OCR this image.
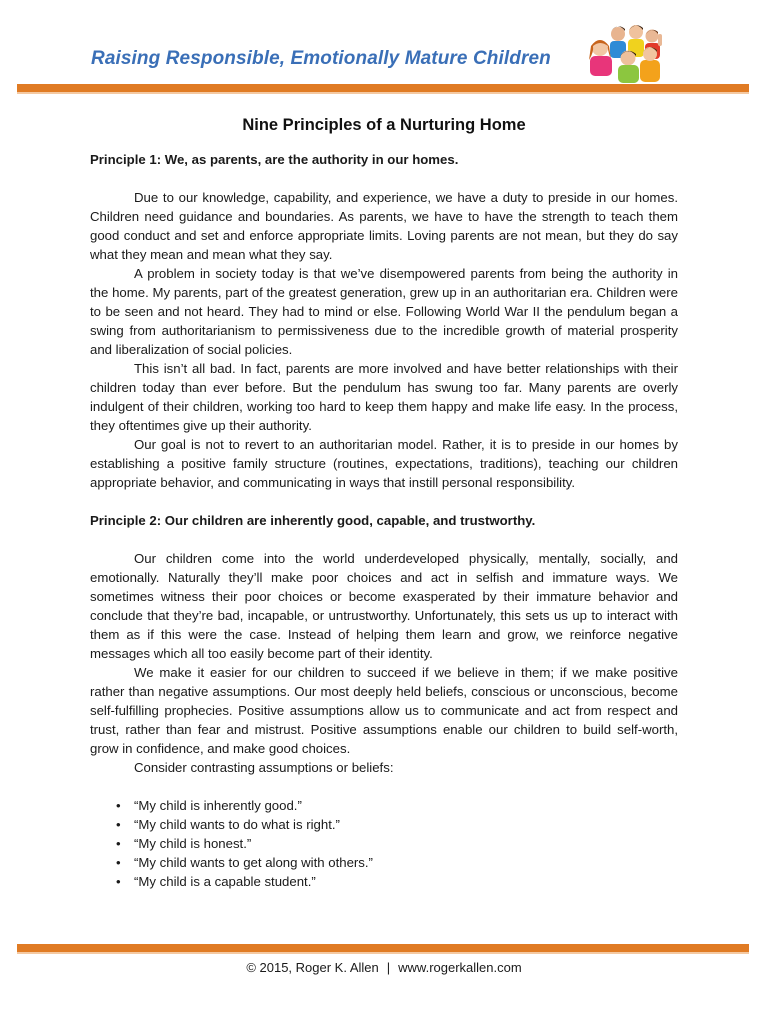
Raising Responsible, Emotionally Mature Children
Nine Principles of a Nurturing Home

Principle 1: We, as parents, are the authority in our homes.

Due to our knowledge, capability, and experience, we have a duty to preside in our homes. Children need guidance and boundaries. As parents, we have to have the strength to teach them good conduct and set and enforce appropriate limits. Loving parents are not mean, but they do say what they mean and mean what they say.

A problem in society today is that we’ve disempowered parents from being the authority in the home. My parents, part of the greatest generation, grew up in an authoritarian era. Children were to be seen and not heard. They had to mind or else. Following World War II the pendulum began a swing from authoritarianism to permissiveness due to the incredible growth of material prosperity and liberalization of social policies.

This isn’t all bad. In fact, parents are more involved and have better relationships with their children today than ever before. But the pendulum has swung too far. Many parents are overly indulgent of their children, working too hard to keep them happy and make life easy. In the process, they oftentimes give up their authority.

Our goal is not to revert to an authoritarian model. Rather, it is to preside in our homes by establishing a positive family structure (routines, expectations, traditions), teaching our children appropriate behavior, and communicating in ways that instill personal responsibility.

Principle 2: Our children are inherently good, capable, and trustworthy.

Our children come into the world underdeveloped physically, mentally, socially, and emotionally. Naturally they’ll make poor choices and act in selfish and immature ways. We sometimes witness their poor choices or become exasperated by their immature behavior and conclude that they’re bad, incapable, or untrustworthy. Unfortunately, this sets us up to interact with them as if this were the case. Instead of helping them learn and grow, we reinforce negative messages which all too easily become part of their identity.

We make it easier for our children to succeed if we believe in them; if we make positive rather than negative assumptions. Our most deeply held beliefs, conscious or unconscious, become self-fulfilling prophecies. Positive assumptions allow us to communicate and act from respect and trust, rather than fear and mistrust. Positive assumptions enable our children to build self-worth, grow in confidence, and make good choices.

Consider contrasting assumptions or beliefs:

• “My child is inherently good.”
• “My child wants to do what is right.”
• “My child is honest.”
• “My child wants to get along with others.”
• “My child is a capable student.”
© 2015, Roger K. Allen | www.rogerkallen.com
